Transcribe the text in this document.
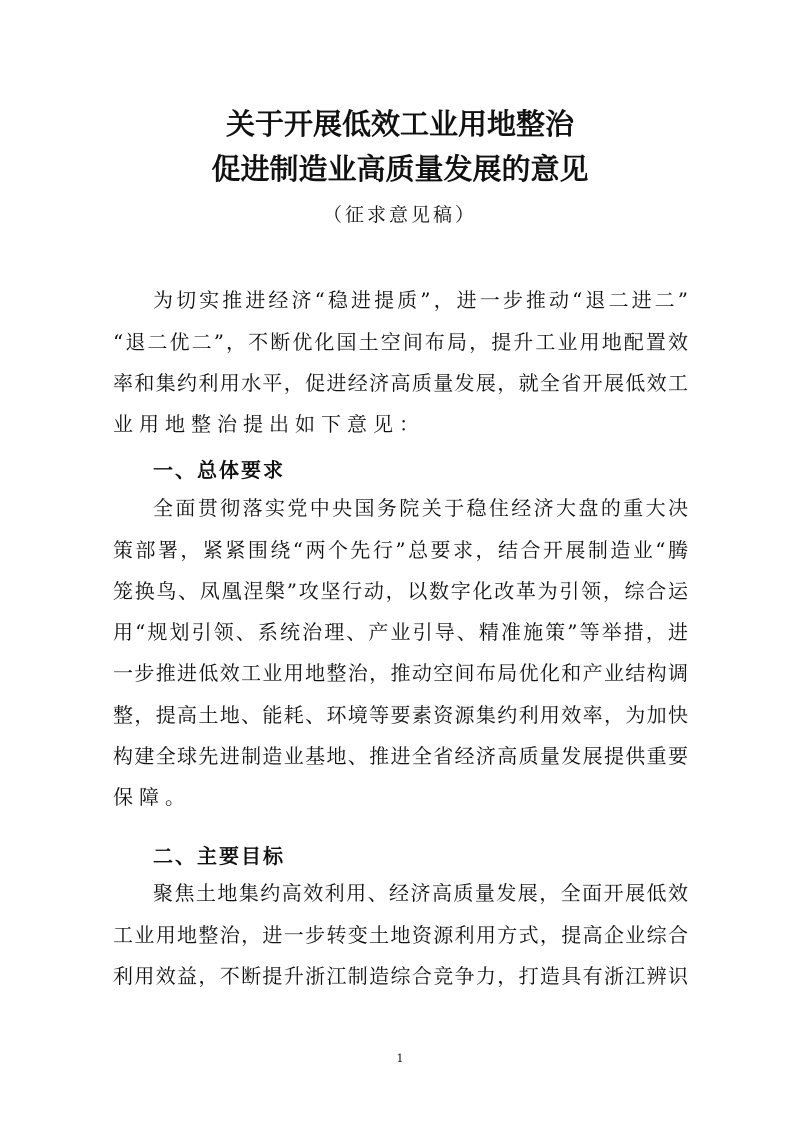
关于开展低效工业用地整治
促进制造业高质量发展的意见
（征求意见稿）
为切实推进经济“稳进提质”，进一步推动“退二进二”
“退二优二”，不断优化国土空间布局，提升工业用地配置效
率和集约利用水平，促进经济高质量发展，就全省开展低效工
业用地整治提出如下意见：
一、总体要求
全面贯彻落实党中央国务院关于稳住经济大盘的重大决
策部署，紧紧围绕“两个先行”总要求，结合开展制造业“腾
笼换鸟、凤凰涅槃”攻坚行动，以数字化改革为引领，综合运
用“规划引领、系统治理、产业引导、精准施策”等举措，进
一步推进低效工业用地整治，推动空间布局优化和产业结构调
整，提高土地、能耗、环境等要素资源集约利用效率，为加快
构建全球先进制造业基地、推进全省经济高质量发展提供重要
保障。
二、主要目标
聚焦土地集约高效利用、经济高质量发展，全面开展低效
工业用地整治，进一步转变土地资源利用方式，提高企业综合
利用效益，不断提升浙江制造综合竞争力，打造具有浙江辨识
1
